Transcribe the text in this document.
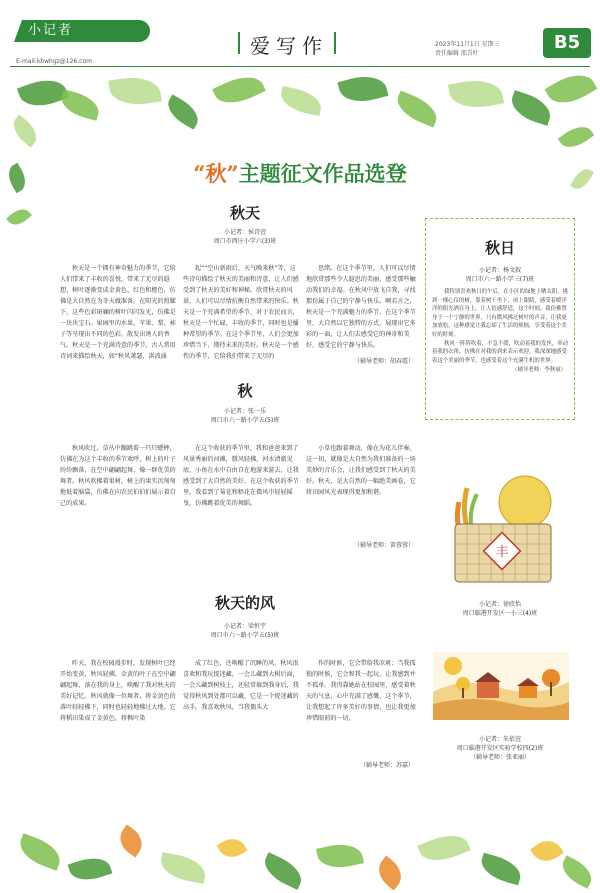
小记者
E-mail:kbwhgz@126.com
爱写作	2023年11月1日 星期三
责任编辑 邵青叶
B5
“秋”主题征文作品选登
秋天
小记者：侯诗萱
周口市西庄小学六(3)班
秋天是一个拥有神奇魅力的季节，它给人们带来了丰收的喜悦，带来了无尽的遐想，树叶逐渐变成金黄色、红色和橙色，仿佛是大自然在为冬天做准备。在阳光的照耀下，这些色彩斑斓的树叶闪闪发光，仿佛是一块块宝石。果园里的水果，苹果、梨、柿子等呈现出不同的色彩，散发出诱人的香气。秋天是一个充满诗意的季节，古人常用诗词来描绘秋天，如“秋风萧瑟，洪波涌
起”“空山新雨后，天气晚来秋”等，这些诗句描绘了秋天的美丽和诗意，让人们感受到了秋天的美好和神秘。欣赏秋天的风景，人们可以尽情抗衡自然带来的快乐。秋天是一个充满希望的季节，对于农民而言，秋天是一个忙碌、丰收的季节，同时也是播种希望的季节。在这个季节里，人们会更加珍惜当下，期待未来的美好。秋天是一个感性的季节，它给我们带来了无尽的
思绪。在这个季节里，人们可以尽情地欣赏那些令人遐思的美丽，感受那些触动我们的幸福。在秋风中放飞自我，寻找那份属于自己的宁静与快乐。啊若言之，秋天是一个充满魅力的季节。在这个季节里，大自然以它独特的方式，展现出它多彩的一面，让人们去感受它的神奇和美好，感受它的宁静与快乐。
（辅导老师：胡春霞）
秋日
小记者：杨文叙
周口市六一路小学三(7)班
我特别喜欢秋日的午后，在小区的绿地上晒太阳，挑到一棵心仪的树，靠着树干坐下，闭上眼睛，感受着暖洋洋的阳光洒在身上，让人倍感舒适，这个时刻，我仿佛置身于一个宁静的世界，只有微风拂过树叶的声音，让我更加放松，这种感觉让我忘却了生活的烦恼，享受着这个美好的时刻。
秋风一阵阵吹着，不急不缓，吹动着我的发丝，牵动着我的衣角，仿佛在对我的到来表示欢迎。我深深地感受着这个美丽的季节，也感受着这个充满生机的世界。
（辅导老师：李秋丽）
秋
小记者：张一乐
周口市六一路小学五(5)班
秋风吹过，草丛中蹦跳着一只只蟋蟀，仿佛在为这个丰收的季节欢呼，树上的叶子纷纷飘落，在空中翩翩起舞，像一群优美的舞者。秋风吹拂着果树，树上的果实沉甸甸地低着脑袋，仿佛在向农民伯伯们展示着自己的成果。
在这个收获的季节里，我和爸爸来到了风景秀丽的河滩，微风轻拂，河水清澈见底，小鱼在水中自由自在地游来游去，让我感受到了大自然的美好。在这个收获的季节里，我看到了菊花和梧花在微风中轻轻摇曳，仿佛跳着优美的舞蹈，
小草也跟着舞动，像在为花儿伴奏。这一切，就像是大自然为我们准备的一场美妙的音乐会，让我们感受到了秋天的美好。秋天，是大自然的一幅绝美画卷，它将田园风光表现得更加和谐。
（辅导老师：雷蓉蓉）	丰
小记者：徐欣怡
周口临港开发区一小三(4)班
秋天的风
小记者：梁恒宇
周口市六一路小学五(5)班
昨天，我在校园漫步时，发现树叶已经开始变黄，秋风轻拂，金黄的叶子在空中翩翩起舞，落在我的身上，唤醒了我对秋天的美好记忆。秋风就像一位舞者，将金黄色的落叶轻轻拂下，同时也轻轻地拂过大地。它将稻田染成了金黄色，将枫叶染
成了红色，还唤醒了沉睡的风。秋风很喜欢和我玩捉迷藏，一会儿藏到大树后面，一会儿藏到树枝上，还轻常躲到我身后，我觉得秋风到处都可以藏，它是一个捉迷藏的高手。我喜欢秋风，当我偶头大
作的时候，它会带给我凉爽；当我孤独的时候，它会和我一起玩，让我感到并不孤单。我得靠她站在校园里，感受着秋天的气息，心中充满了感慨，这个季节，让我想起了许多美好的事情，也让我更加珍惜眼前的一切。
（辅导老师：苏嘉）
小记者：朱依萱
周口临港开发区实验学校四(2)班
（辅导老师：张亚丽）
